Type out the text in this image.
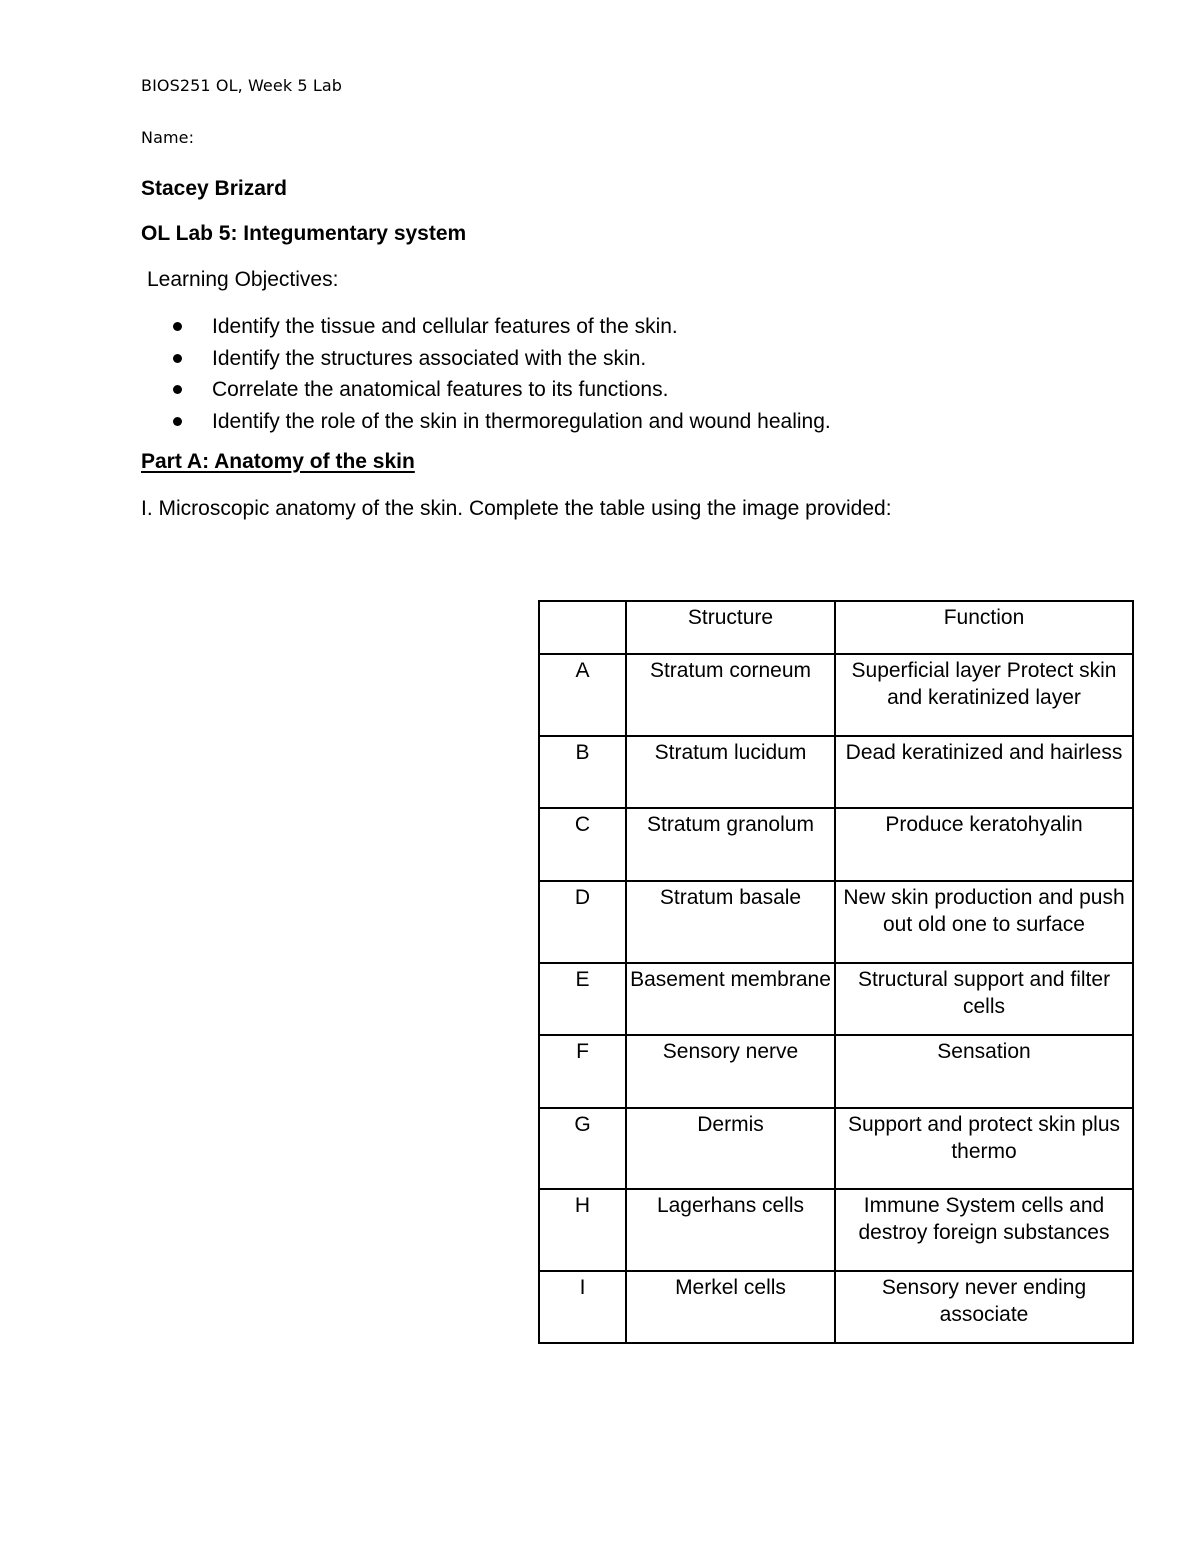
BIOS251 OL, Week 5 Lab
Name:
Stacey Brizard
OL Lab 5: Integumentary system
Learning Objectives:
Identify the tissue and cellular features of the skin.
Identify the structures associated with the skin.
Correlate the anatomical features to its functions.
Identify the role of the skin in thermoregulation and wound healing.
Part A: Anatomy of the skin
I. Microscopic anatomy of the skin. Complete the table using the image provided:
	Structure	Function
A	Stratum corneum	Superficial layer Protect skin and keratinized layer
B	Stratum lucidum	Dead keratinized and hairless
C	Stratum granolum	Produce keratohyalin
D	Stratum basale	New skin production and push out old one to surface
E	Basement membrane	Structural support and filter cells
F	Sensory nerve	Sensation
G	Dermis	Support and protect skin plus thermo
H	Lagerhans cells	Immune System cells and destroy foreign substances
I	Merkel cells	Sensory never ending associate
